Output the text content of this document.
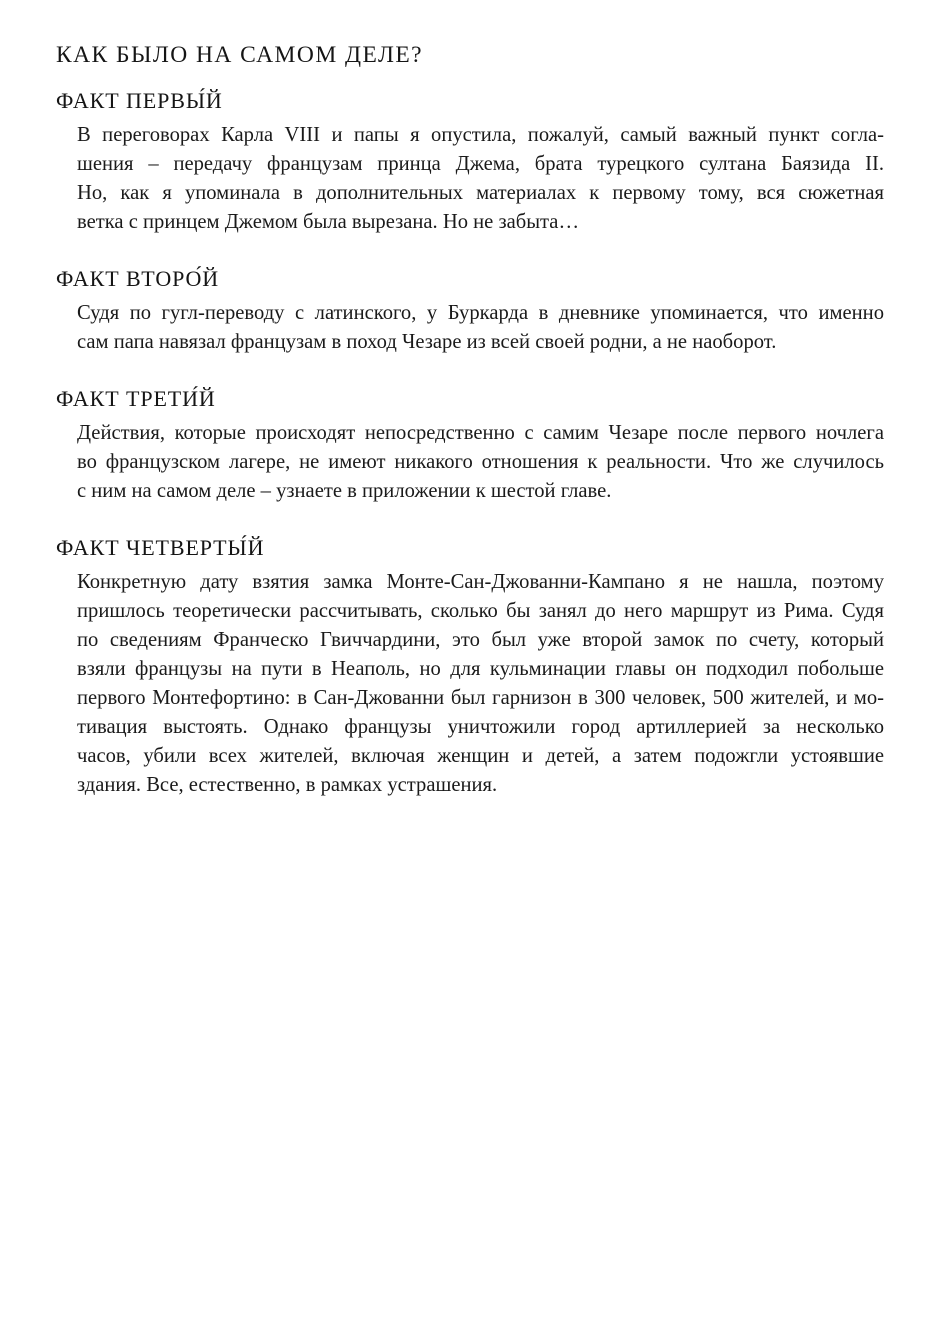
КАК БЫЛО НА САМОМ ДЕЛЕ?
ФАКТ ПЕРВЫ́Й

В переговорах Карла VIII и папы я опустила, пожалуй, самый важный пункт согла-
шения – передачу французам принца Джема, брата турецкого султана Баязида II.
Но, как я упоминала в дополнительных материалах к первому тому, вся сюжетная
ветка с принцем Джемом была вырезана. Но не забыта…

ФАКТ ВТОРО́Й

Судя по гугл-переводу с латинского, у Буркарда в дневнике упоминается, что именно
сам папа навязал французам в поход Чезаре из всей своей родни, а не наоборот.

ФАКТ ТРЕТИ́Й

Действия, которые происходят непосредственно с самим Чезаре после первого ночлега
во французском лагере, не имеют никакого отношения к реальности. Что же случилось
с ним на самом деле – узнаете в приложении к шестой главе.

ФАКТ ЧЕТВЕРТЫ́Й

Конкретную дату взятия замка Монте-Сан-Джованни-Кампано я не нашла, поэтому
пришлось теоретически рассчитывать, сколько бы занял до него маршрут из Рима. Судя
по сведениям Франческо Гвиччардини, это был уже второй замок по счету, который
взяли французы на пути в Неаполь, но для кульминации главы он подходил побольше
первого Монтефортино: в Сан-Джованни был гарнизон в 300 человек, 500 жителей, и мо-
тивация выстоять. Однако французы уничтожили город артиллерией за несколько
часов, убили всех жителей, включая женщин и детей, а затем подожгли устоявшие
здания. Все, естественно, в рамках устрашения.
